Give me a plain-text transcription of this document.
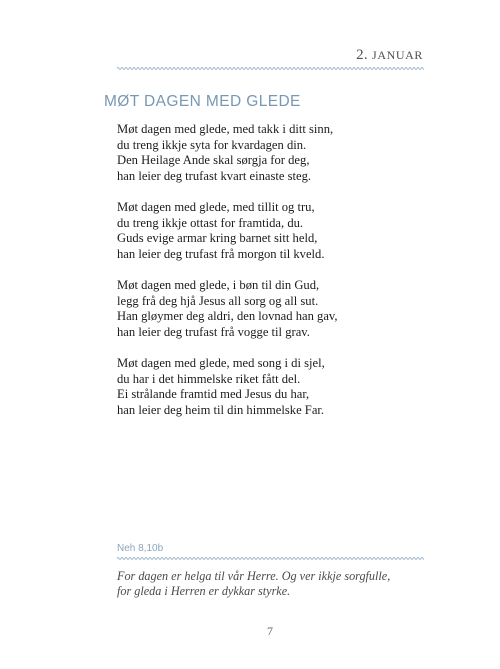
2. JANUAR
MØT DAGEN MED GLEDE
Møt dagen med glede, med takk i ditt sinn,
du treng ikkje syta for kvardagen din.
Den Heilage Ande skal sørgja for deg,
han leier deg trufast kvart einaste steg.
Møt dagen med glede, med tillit og tru,
du treng ikkje ottast for framtida, du.
Guds evige armar kring barnet sitt held,
han leier deg trufast frå morgon til kveld.
Møt dagen med glede, i bøn til din Gud,
legg frå deg hjå Jesus all sorg og all sut.
Han gløymer deg aldri, den lovnad han gav,
han leier deg trufast frå vogge til grav.
Møt dagen med glede, med song i di sjel,
du har i det himmelske riket fått del.
Ei strålande framtid med Jesus du har,
han leier deg heim til din himmelske Far.
Neh 8,10b
For dagen er helga til vår Herre. Og ver ikkje sorgfulle,
for gleda i Herren er dykkar styrke.
7
